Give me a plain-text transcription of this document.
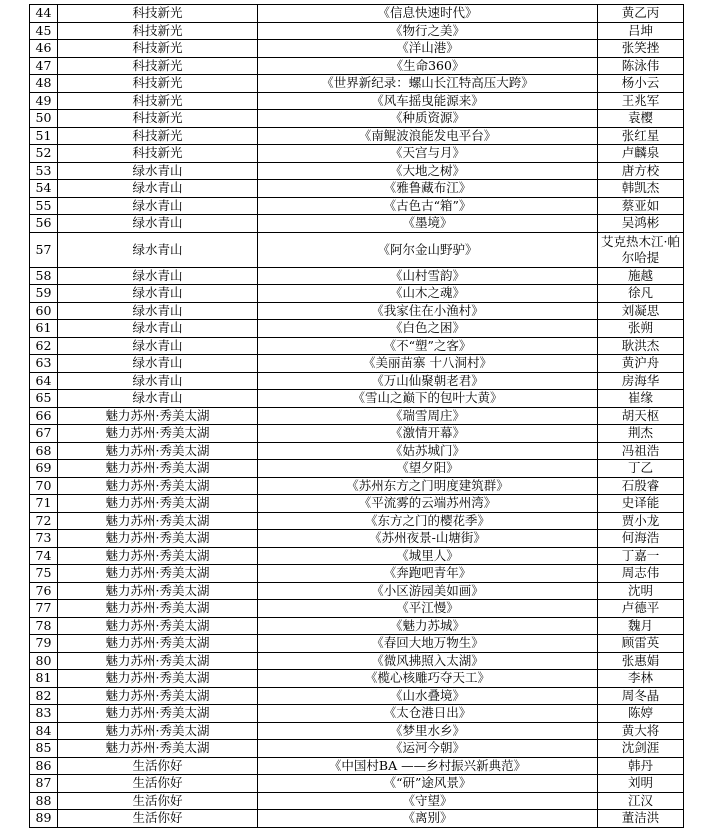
44	科技新光	《信息快速时代》	黄乙丙
45	科技新光	《物行之美》	吕坤
46	科技新光	《洋山港》	张笑挫
47	科技新光	《生命360》	陈泳伟
48	科技新光	《世界新纪录：螺山长江特高压大跨》	杨小云
49	科技新光	《风车摇曳能源来》	王兆军
50	科技新光	《种质资源》	袁樱
51	科技新光	《南鲲波浪能发电平台》	张红星
52	科技新光	《天宫与月》	卢麟泉
53	绿水青山	《大地之树》	唐方校
54	绿水青山	《雅鲁藏布江》	韩凯杰
55	绿水青山	《古色古“箱”》	蔡亚如
56	绿水青山	《墨境》	吴鸿彬
57	绿水青山	《阿尔金山野驴》	艾克热木江·帕尔哈提
58	绿水青山	《山村雪韵》	施越
59	绿水青山	《山木之魂》	徐凡
60	绿水青山	《我家住在小渔村》	刘凝思
61	绿水青山	《白色之困》	张朔
62	绿水青山	《不“塑”之客》	耿洪杰
63	绿水青山	《美丽苗寨 十八洞村》	黄沪舟
64	绿水青山	《万山仙聚朝老君》	房海华
65	绿水青山	《雪山之巅下的包叶大黄》	崔缘
66	魅力苏州·秀美太湖	《瑞雪周庄》	胡天枢
67	魅力苏州·秀美太湖	《激情开幕》	荆杰
68	魅力苏州·秀美太湖	《姑苏城门》	冯祖浩
69	魅力苏州·秀美太湖	《望夕阳》	丁乙
70	魅力苏州·秀美太湖	《苏州东方之门明度建筑群》	石殷睿
71	魅力苏州·秀美太湖	《平流雾的云端苏州湾》	史译能
72	魅力苏州·秀美太湖	《东方之门的樱花季》	贾小龙
73	魅力苏州·秀美太湖	《苏州夜景-山塘街》	何海浩
74	魅力苏州·秀美太湖	《城里人》	丁嘉一
75	魅力苏州·秀美太湖	《奔跑吧青年》	周志伟
76	魅力苏州·秀美太湖	《小区游园美如画》	沈明
77	魅力苏州·秀美太湖	《平江慢》	卢德平
78	魅力苏州·秀美太湖	《魅力苏城》	魏月
79	魅力苏州·秀美太湖	《春回大地万物生》	顾雷英
80	魅力苏州·秀美太湖	《微风拂照入太湖》	张惠娟
81	魅力苏州·秀美太湖	《榄心核雕巧夺天工》	李林
82	魅力苏州·秀美太湖	《山水叠境》	周冬晶
83	魅力苏州·秀美太湖	《太仓港日出》	陈婷
84	魅力苏州·秀美太湖	《梦里水乡》	黄大将
85	魅力苏州·秀美太湖	《运河今朝》	沈剑涯
86	生活你好	《中国村BA ——乡村振兴新典范》	韩丹
87	生活你好	《“研”途风景》	刘明
88	生活你好	《守望》	江汉
89	生活你好	《离别》	董洁洪
